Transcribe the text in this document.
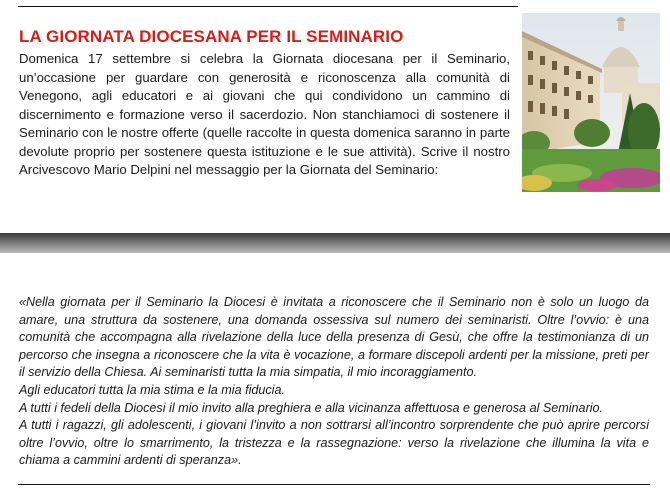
LA GIORNATA DIOCESANA PER IL SEMINARIO

Domenica 17 settembre si celebra la Giornata diocesana per il Seminario, un’occasione per guardare con generosità e riconoscenza alla comunità di Venegono, agli educatori e ai giovani che qui condividono un cammino di discernimento e formazione verso il sacerdozio. Non stanchiamoci di sostenere il Seminario con le nostre offerte (quelle raccolte in questa domenica saranno in parte devolute proprio per sostenere questa istituzione e le sue attività). Scrive il nostro Arcivescovo Mario Delpini nel messaggio per la Giornata del Seminario:

«Nella giornata per il Seminario la Diocesi è invitata a riconoscere che il Seminario non è solo un luogo da amare, una struttura da sostenere, una domanda ossessiva sul numero dei seminaristi. Oltre l’ovvio: è una comunità che accompagna alla rivelazione della luce della presenza di Gesù, che offre la testimonianza di un percorso che insegna a riconoscere che la vita è vocazione, a formare discepoli ardenti per la missione, preti per il servizio della Chiesa. Ai seminaristi tutta la mia simpatia, il mio incoraggiamento.

Agli educatori tutta la mia stima e la mia fiducia.

A tutti i fedeli della Diocesi il mio invito alla preghiera e alla vicinanza affettuosa e generosa al Seminario.

A tutti i ragazzi, gli adolescenti, i giovani l’invito a non sottrarsi all’incontro sorprendente che può aprire percorsi oltre l’ovvio, oltre lo smarrimento, la tristezza e la rassegnazione: verso la rivelazione che illumina la vita e chiama a cammini ardenti di speranza».
